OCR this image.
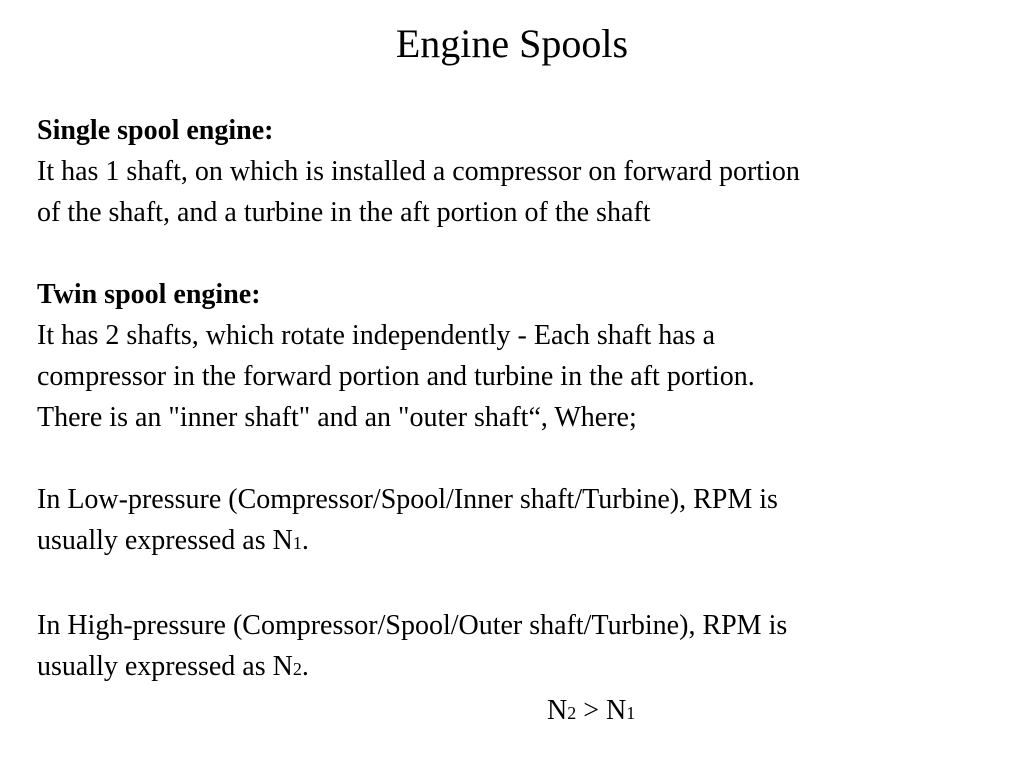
Engine Spools
Single spool engine:
It has 1 shaft, on which is installed a compressor on forward portion
of the shaft, and a turbine in the aft portion of the shaft
Twin spool engine:
It has 2 shafts, which rotate independently - Each shaft has a
compressor in the forward portion and turbine in the aft portion.
There is an "inner shaft" and an "outer shaft“, Where;
In Low-pressure (Compressor/Spool/Inner shaft/Turbine), RPM is
usually expressed as N1.
In High-pressure (Compressor/Spool/Outer shaft/Turbine), RPM is
usually expressed as N2.
N2 > N1
